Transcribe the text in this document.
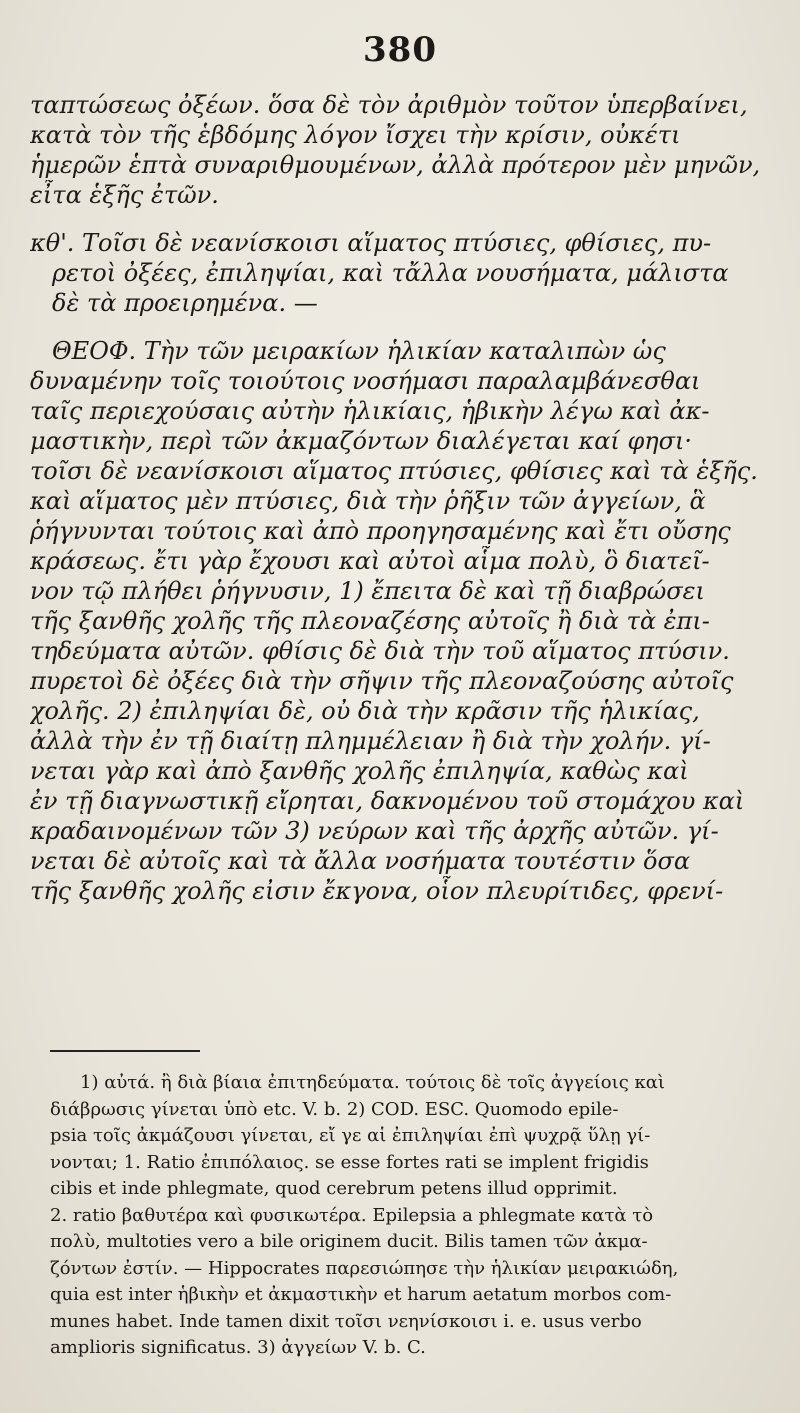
380
ταπτώσεως ὀξέων. ὅσα δὲ τὸν ἀριθμὸν τοῦτον ὑπερβαίνει,
κατὰ τὸν τῆς ἑβδόμης λόγον ἴσχει τὴν κρίσιν, οὐκέτι
ἡμερῶν ἑπτὰ συναριθμουμένων, ἀλλὰ πρότερον μὲν μηνῶν,
εἶτα ἑξῆς ἐτῶν.
κθ'. Τοῖσι δὲ νεανίσκοισι αἵματος πτύσιες, φθίσιες, πυ-
ρετοὶ ὀξέες, ἐπιληψίαι, καὶ τἄλλα νουσήματα, μάλιστα
δὲ τὰ προειρημένα. —
ΘΕΟΦ. Τὴν τῶν μειρακίων ἡλικίαν καταλιπὼν ὡς
δυναμένην τοῖς τοιούτοις νοσήμασι παραλαμβάνεσθαι
ταῖς περιεχούσαις αὐτὴν ἡλικίαις, ἡβικὴν λέγω καὶ ἀκ-
μαστικὴν, περὶ τῶν ἀκμαζόντων διαλέγεται καί φησι·
τοῖσι δὲ νεανίσκοισι αἵματος πτύσιες, φθίσιες καὶ τὰ ἑξῆς.
καὶ αἵματος μὲν πτύσιες, διὰ τὴν ῥῆξιν τῶν ἀγγείων, ἃ
ῥήγνυνται τούτοις καὶ ἀπὸ προηγησαμένης καὶ ἔτι οὔσης
κράσεως. ἔτι γὰρ ἔχουσι καὶ αὐτοὶ αἷμα πολὺ, ὃ διατεῖ-
νον τῷ πλήθει ῥήγνυσιν, 1) ἔπειτα δὲ καὶ τῇ διαβρώσει
τῆς ξανθῆς χολῆς τῆς πλεοναζέσης αὐτοῖς ἢ διὰ τὰ ἐπι-
τηδεύματα αὐτῶν. φθίσις δὲ διὰ τὴν τοῦ αἵματος πτύσιν.
πυρετοὶ δὲ ὀξέες διὰ τὴν σῆψιν τῆς πλεοναζούσης αὐτοῖς
χολῆς. 2) ἐπιληψίαι δὲ, οὐ διὰ τὴν κρᾶσιν τῆς ἡλικίας,
ἀλλὰ τὴν ἐν τῇ διαίτῃ πλημμέλειαν ἢ διὰ τὴν χολήν. γί-
νεται γὰρ καὶ ἀπὸ ξανθῆς χολῆς ἐπιληψία, καθὼς καὶ
ἐν τῇ διαγνωστικῇ εἴρηται, δακνομένου τοῦ στομάχου καὶ
κραδαινομένων τῶν 3) νεύρων καὶ τῆς ἀρχῆς αὐτῶν. γί-
νεται δὲ αὐτοῖς καὶ τὰ ἄλλα νοσήματα τουτέστιν ὅσα
τῆς ξανθῆς χολῆς εἰσιν ἔκγονα, οἷον πλευρίτιδες, φρενί-
1) αὐτά. ἢ διὰ βίαια ἐπιτηδεύματα. τούτοις δὲ τοῖς ἀγγείοις καὶ
διάβρωσις γίνεται ὑπὸ etc. V. b. 2) COD. ESC. Quomodo epile-
psia τοῖς ἀκμάζουσι γίνεται, εἴ γε αἱ ἐπιληψίαι ἐπὶ ψυχρᾷ ὕλῃ γί-
νονται; 1. Ratio ἐπιπόλαιος. se esse fortes rati se implent frigidis
cibis et inde phlegmate, quod cerebrum petens illud opprimit.
2. ratio βαθυτέρα καὶ φυσικωτέρα. Epilepsia a phlegmate κατὰ τὸ
πολὺ, multoties vero a bile originem ducit. Bilis tamen τῶν ἀκμα-
ζόντων ἐστίν. — Hippocrates παρεσιώπησε τὴν ἡλικίαν μειρακιώδη,
quia est inter ἡβικὴν et ἀκμαστικὴν et harum aetatum morbos com-
munes habet. Inde tamen dixit τοῖσι νεηνίσκοισι i. e. usus verbo
amplioris significatus. 3) ἀγγείων V. b. C.
